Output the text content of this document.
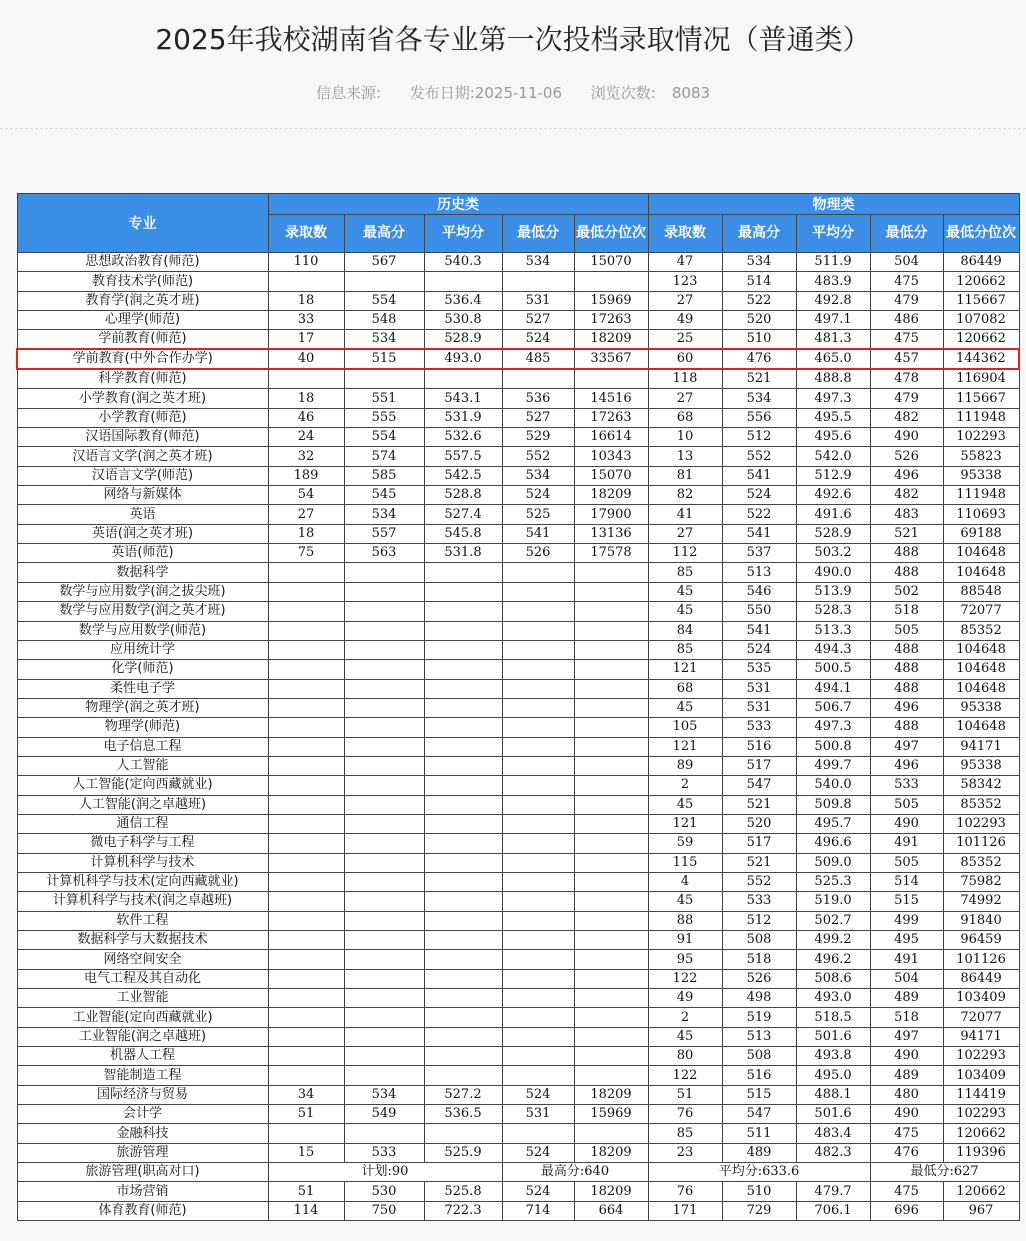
2025年我校湖南省各专业第一次投档录取情况（普通类）
信息来源: 发布日期:2025-11-06 浏览次数: 8083
专业	历史类					物理类				
	录取数	最高分	平均分	最低分	最低分位次	录取数	最高分	平均分	最低分	最低分位次
思想政治教育(师范)	110	567	540.3	534	15070	47	534	511.9	504	86449
教育技术学(师范)						123	514	483.9	475	120662
教育学(润之英才班)	18	554	536.4	531	15969	27	522	492.8	479	115667
心理学(师范)	33	548	530.8	527	17263	49	520	497.1	486	107082
学前教育(师范)	17	534	528.9	524	18209	25	510	481.3	475	120662
学前教育(中外合作办学)	40	515	493.0	485	33567	60	476	465.0	457	144362
科学教育(师范)						118	521	488.8	478	116904
小学教育(润之英才班)	18	551	543.1	536	14516	27	534	497.3	479	115667
小学教育(师范)	46	555	531.9	527	17263	68	556	495.5	482	111948
汉语国际教育(师范)	24	554	532.6	529	16614	10	512	495.6	490	102293
汉语言文学(润之英才班)	32	574	557.5	552	10343	13	552	542.0	526	55823
汉语言文学(师范)	189	585	542.5	534	15070	81	541	512.9	496	95338
网络与新媒体	54	545	528.8	524	18209	82	524	492.6	482	111948
英语	27	534	527.4	525	17900	41	522	491.6	483	110693
英语(润之英才班)	18	557	545.8	541	13136	27	541	528.9	521	69188
英语(师范)	75	563	531.8	526	17578	112	537	503.2	488	104648
数据科学						85	513	490.0	488	104648
数学与应用数学(润之拔尖班)						45	546	513.9	502	88548
数学与应用数学(润之英才班)						45	550	528.3	518	72077
数学与应用数学(师范)						84	541	513.3	505	85352
应用统计学						85	524	494.3	488	104648
化学(师范)						121	535	500.5	488	104648
柔性电子学						68	531	494.1	488	104648
物理学(润之英才班)						45	531	506.7	496	95338
物理学(师范)						105	533	497.3	488	104648
电子信息工程						121	516	500.8	497	94171
人工智能						89	517	499.7	496	95338
人工智能(定向西藏就业)						2	547	540.0	533	58342
人工智能(润之卓越班)						45	521	509.8	505	85352
通信工程						121	520	495.7	490	102293
微电子科学与工程						59	517	496.6	491	101126
计算机科学与技术						115	521	509.0	505	85352
计算机科学与技术(定向西藏就业)						4	552	525.3	514	75982
计算机科学与技术(润之卓越班)						45	533	519.0	515	74992
软件工程						88	512	502.7	499	91840
数据科学与大数据技术						91	508	499.2	495	96459
网络空间安全						95	518	496.2	491	101126
电气工程及其自动化						122	526	508.6	504	86449
工业智能						49	498	493.0	489	103409
工业智能(定向西藏就业)						2	519	518.5	518	72077
工业智能(润之卓越班)						45	513	501.6	497	94171
机器人工程						80	508	493.8	490	102293
智能制造工程						122	516	495.0	489	103409
国际经济与贸易	34	534	527.2	524	18209	51	515	488.1	480	114419
会计学	51	549	536.5	531	15969	76	547	501.6	490	102293
金融科技						85	511	483.4	475	120662
旅游管理	15	533	525.9	524	18209	23	489	482.3	476	119396
旅游管理(职高对口)	计划:90			最高分:640		平均分:633.6			最低分:627	
市场营销	51	530	525.8	524	18209	76	510	479.7	475	120662
体育教育(师范)	114	750	722.3	714	664	171	729	706.1	696	967
